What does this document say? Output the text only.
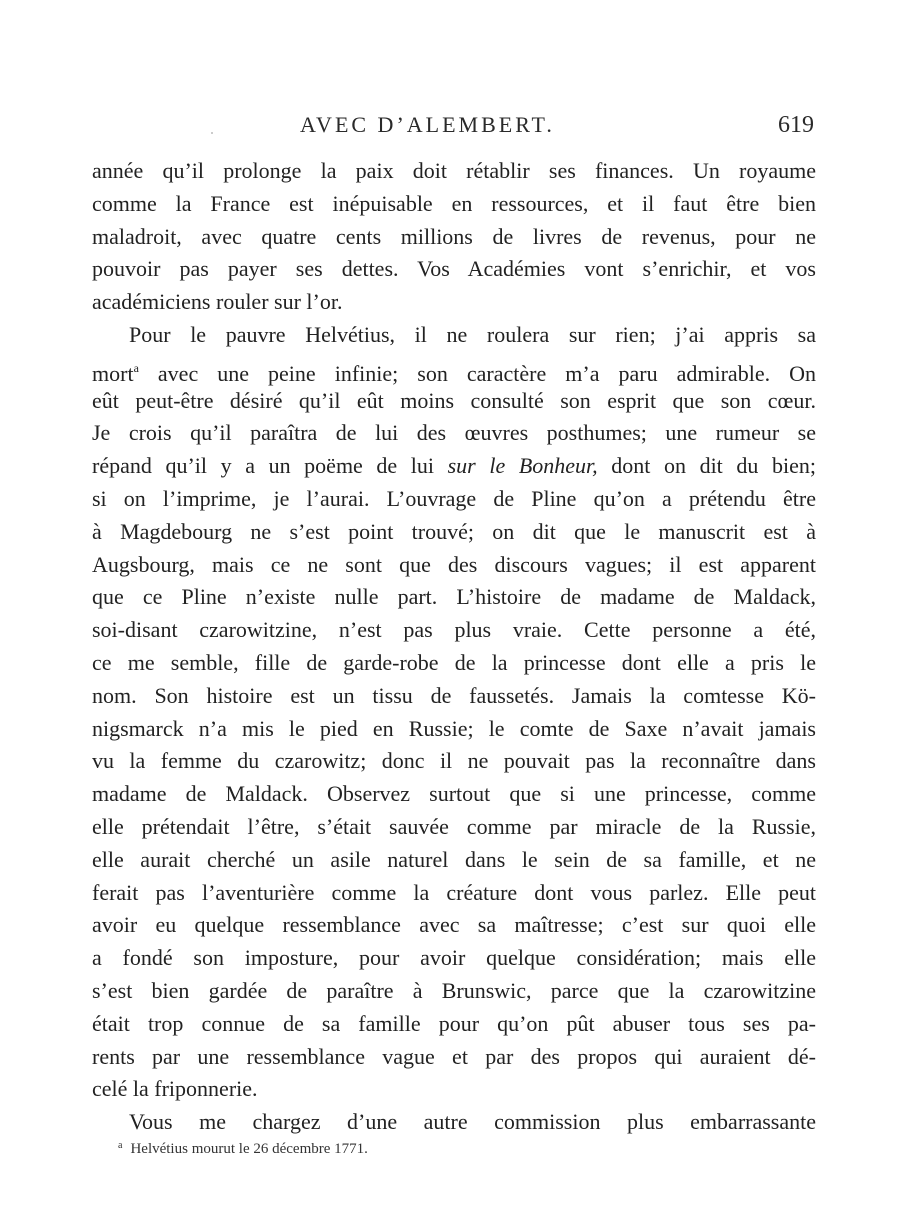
AVEC D’ALEMBERT.	619
année qu’il prolonge la paix doit rétablir ses finances. Un royaume
comme la France est inépuisable en ressources, et il faut être bien
maladroit, avec quatre cents millions de livres de revenus, pour ne
pouvoir pas payer ses dettes. Vos Académies vont s’enrichir, et vos
académiciens rouler sur l’or.
Pour le pauvre Helvétius, il ne roulera sur rien; j’ai appris sa
mort$^a$ avec une peine infinie; son caractère m’a paru admirable. On
eût peut-être désiré qu’il eût moins consulté son esprit que son cœur.
Je crois qu’il paraîtra de lui des œuvres posthumes; une rumeur se
répand qu’il y a un poëme de lui sur le Bonheur, dont on dit du bien;
si on l’imprime, je l’aurai. L’ouvrage de Pline qu’on a prétendu être
à Magdebourg ne s’est point trouvé; on dit que le manuscrit est à
Augsbourg, mais ce ne sont que des discours vagues; il est apparent
que ce Pline n’existe nulle part. L’histoire de madame de Maldack,
soi-disant czarowitzine, n’est pas plus vraie. Cette personne a été,
ce me semble, fille de garde-robe de la princesse dont elle a pris le
nom. Son histoire est un tissu de faussetés. Jamais la comtesse Kö-
nigsmarck n’a mis le pied en Russie; le comte de Saxe n’avait jamais
vu la femme du czarowitz; donc il ne pouvait pas la reconnaître dans
madame de Maldack. Observez surtout que si une princesse, comme
elle prétendait l’être, s’était sauvée comme par miracle de la Russie,
elle aurait cherché un asile naturel dans le sein de sa famille, et ne
ferait pas l’aventurière comme la créature dont vous parlez. Elle peut
avoir eu quelque ressemblance avec sa maîtresse; c’est sur quoi elle
a fondé son imposture, pour avoir quelque considération; mais elle
s’est bien gardée de paraître à Brunswic, parce que la czarowitzine
était trop connue de sa famille pour qu’on pût abuser tous ses pa-
rents par une ressemblance vague et par des propos qui auraient dé-
celé la friponnerie.
Vous me chargez d’une autre commission plus embarrassante
$^a$ Helvétius mourut le 26 décembre 1771.
